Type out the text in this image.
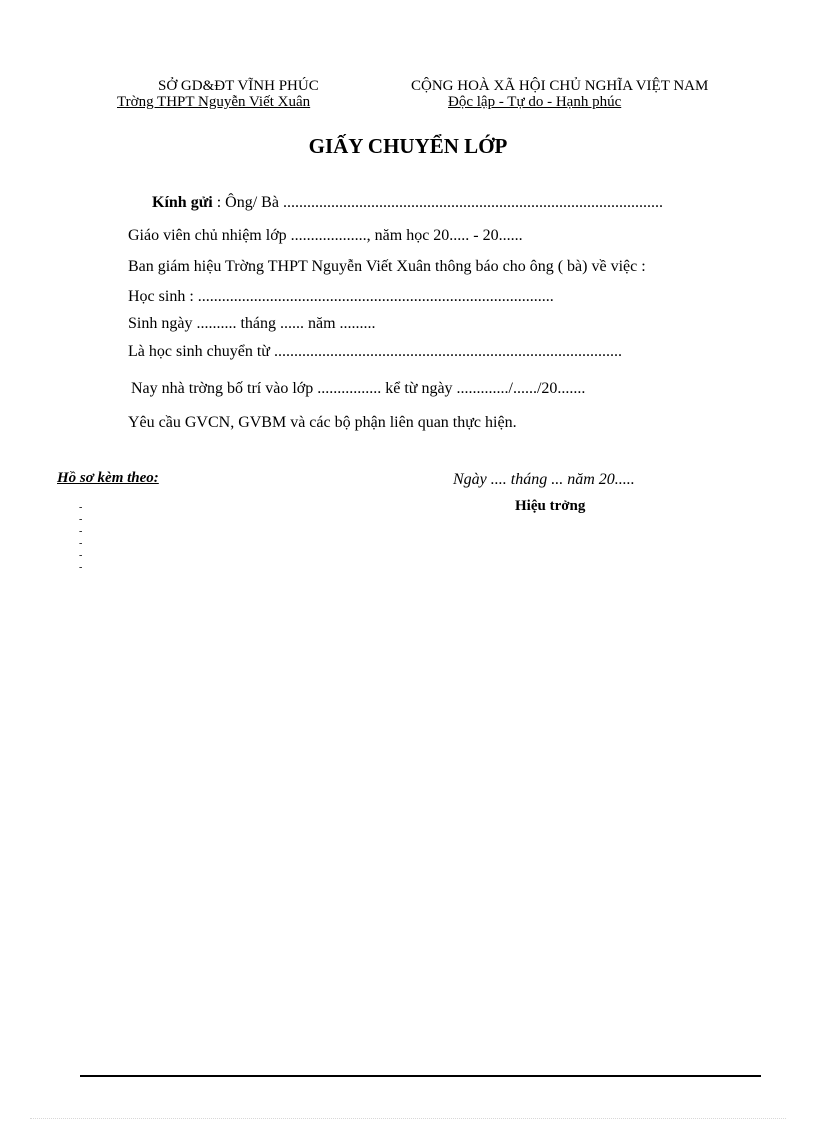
SỞ GD&ĐT VĨNH PHÚC
Trờng THPT Nguyễn Viết Xuân
CỘNG HOÀ XÃ HỘI CHỦ NGHĨA VIỆT NAM
Độc lập - Tự do - Hạnh phúc
GIẤY CHUYỂN LỚP
Kính gửi : Ông/ Bà ...............................................................................................
Giáo viên chủ nhiệm lớp ..................., năm học 20..... - 20......
Ban giám hiệu Trờng THPT Nguyễn Viết Xuân thông báo cho ông ( bà) về việc :
Học sinh : .........................................................................................
Sinh ngày .......... tháng ...... năm .........
Là học sinh chuyển từ .......................................................................................
Nay nhà trờng bố trí vào lớp ................ kể từ ngày ............./....../20.......
Yêu cầu GVCN, GVBM và các bộ phận liên quan thực hiện.
Hồ sơ kèm theo:	Ngày .... tháng ... năm 20.....
Hiệu trởng
-
-
-
-
-
-
